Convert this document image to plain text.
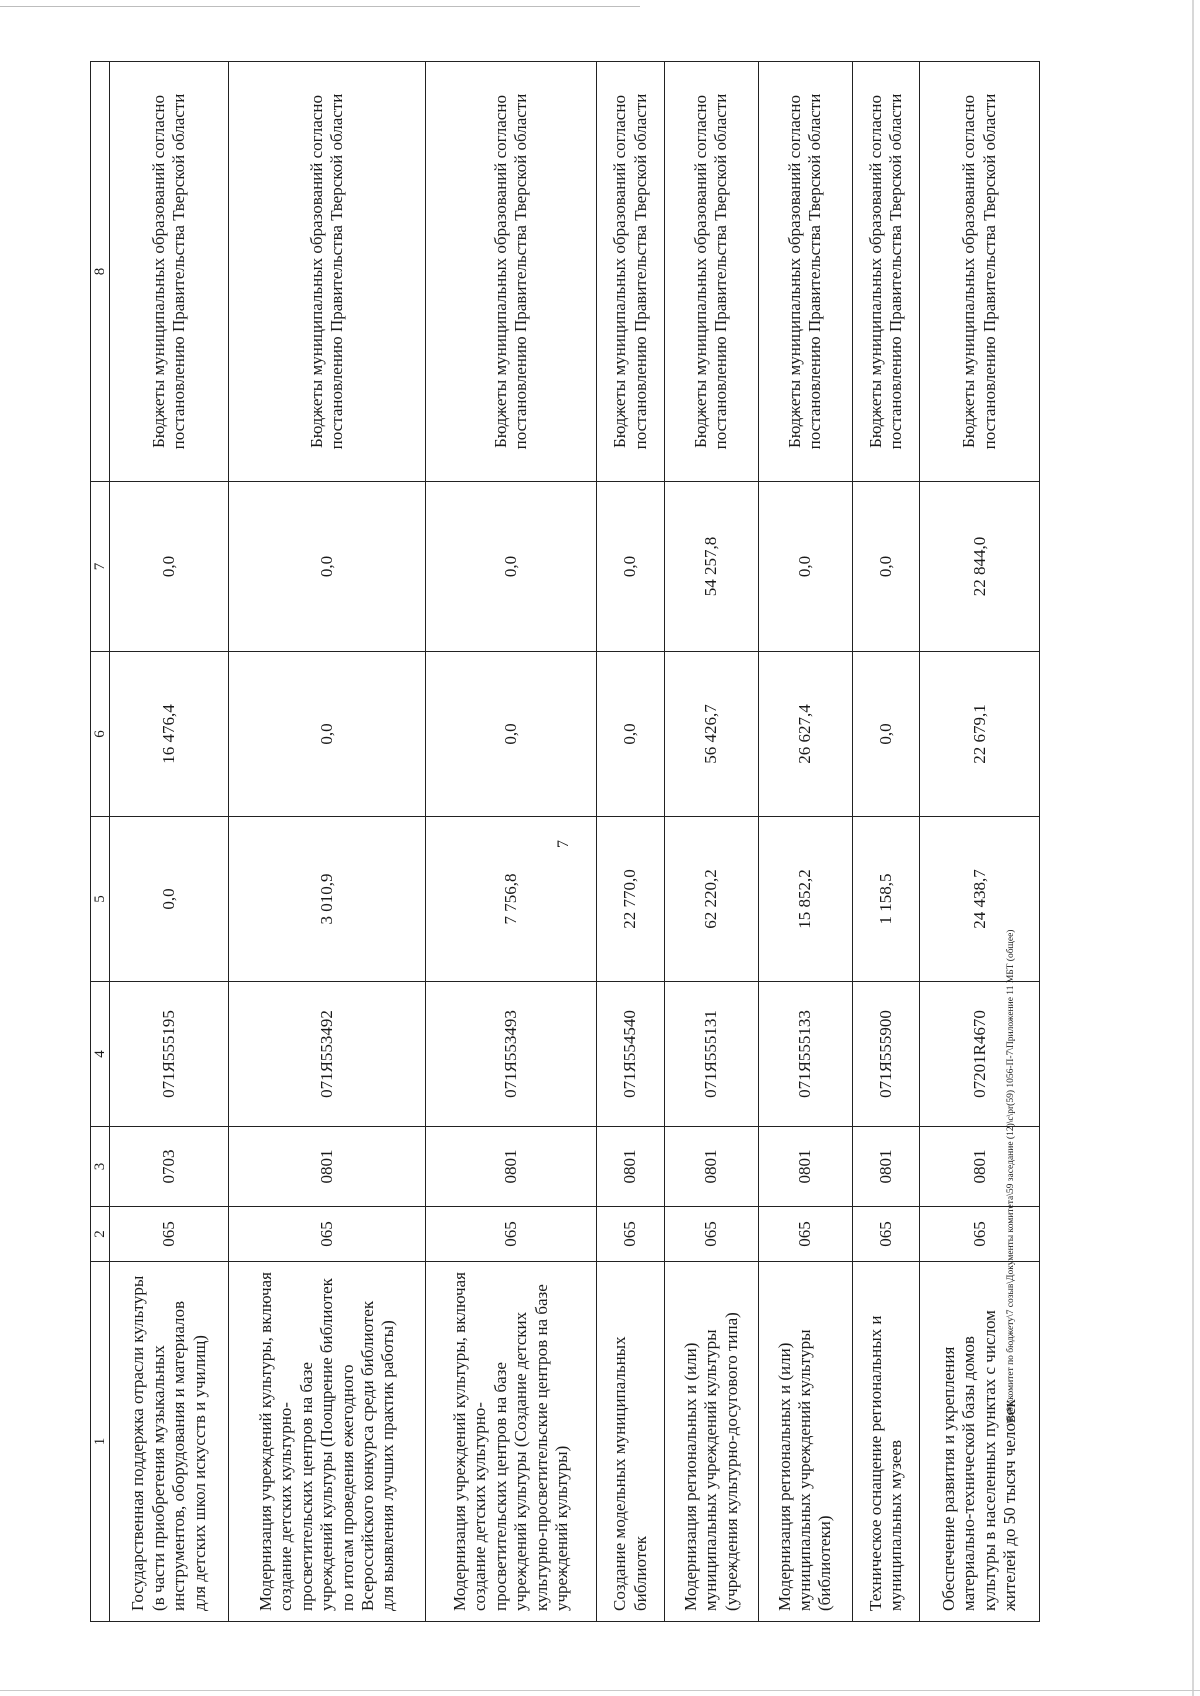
7
1	2	3	4	5	6	7	8
Государственная поддержка отрасли культуры (в части приобретения музыкальных инструментов, оборудования и материалов для детских школ искусств и училищ)	065	0703	071Я555195	0,0	16 476,4	0,0	Бюджеты муниципальных образований согласно постановлению Правительства Тверской области
Модернизация учреждений культуры, включая создание детских культурно-просветительских центров на базе учреждений культуры (Поощрение библиотек по итогам проведения ежегодного Всероссийского конкурса среди библиотек для выявления лучших практик работы)	065	0801	071Я553492	3 010,9	0,0	0,0	Бюджеты муниципальных образований согласно постановлению Правительства Тверской области
Модернизация учреждений культуры, включая создание детских культурно-просветительских центров на базе учреждений культуры (Создание детских культурно-просветительские центров на базе учреждений культуры)	065	0801	071Я553493	7 756,8	0,0	0,0	Бюджеты муниципальных образований согласно постановлению Правительства Тверской области
Создание модельных муниципальных библиотек	065	0801	071Я554540	22 770,0	0,0	0,0	Бюджеты муниципальных образований согласно постановлению Правительства Тверской области
Модернизация региональных и (или) муниципальных учреждений культуры (учреждения культурно-досугового типа)	065	0801	071Я555131	62 220,2	56 426,7	54 257,8	Бюджеты муниципальных образований согласно постановлению Правительства Тверской области
Модернизация региональных и (или) муниципальных учреждений культуры (библиотеки)	065	0801	071Я555133	15 852,2	26 627,4	0,0	Бюджеты муниципальных образований согласно постановлению Правительства Тверской области
Техническое оснащение региональных и муниципальных музеев	065	0801	071Я555900	1 158,5	0,0	0,0	Бюджеты муниципальных образований согласно постановлению Правительства Тверской области
Обеспечение развития и укрепления материально-технической базы домов культуры в населенных пунктах с числом жителей до 50 тысяч человек	065	0801	07201R4670	24 438,7	22 679,1	22 844,0	Бюджеты муниципальных образований согласно постановлению Правительства Тверской области
\\Fs01\комитет по бюджету\7 созыв\Документы комитета\59 заседание (12)\c\pr(59) 1056-П-7\Приложение 11 МБТ (общее)
